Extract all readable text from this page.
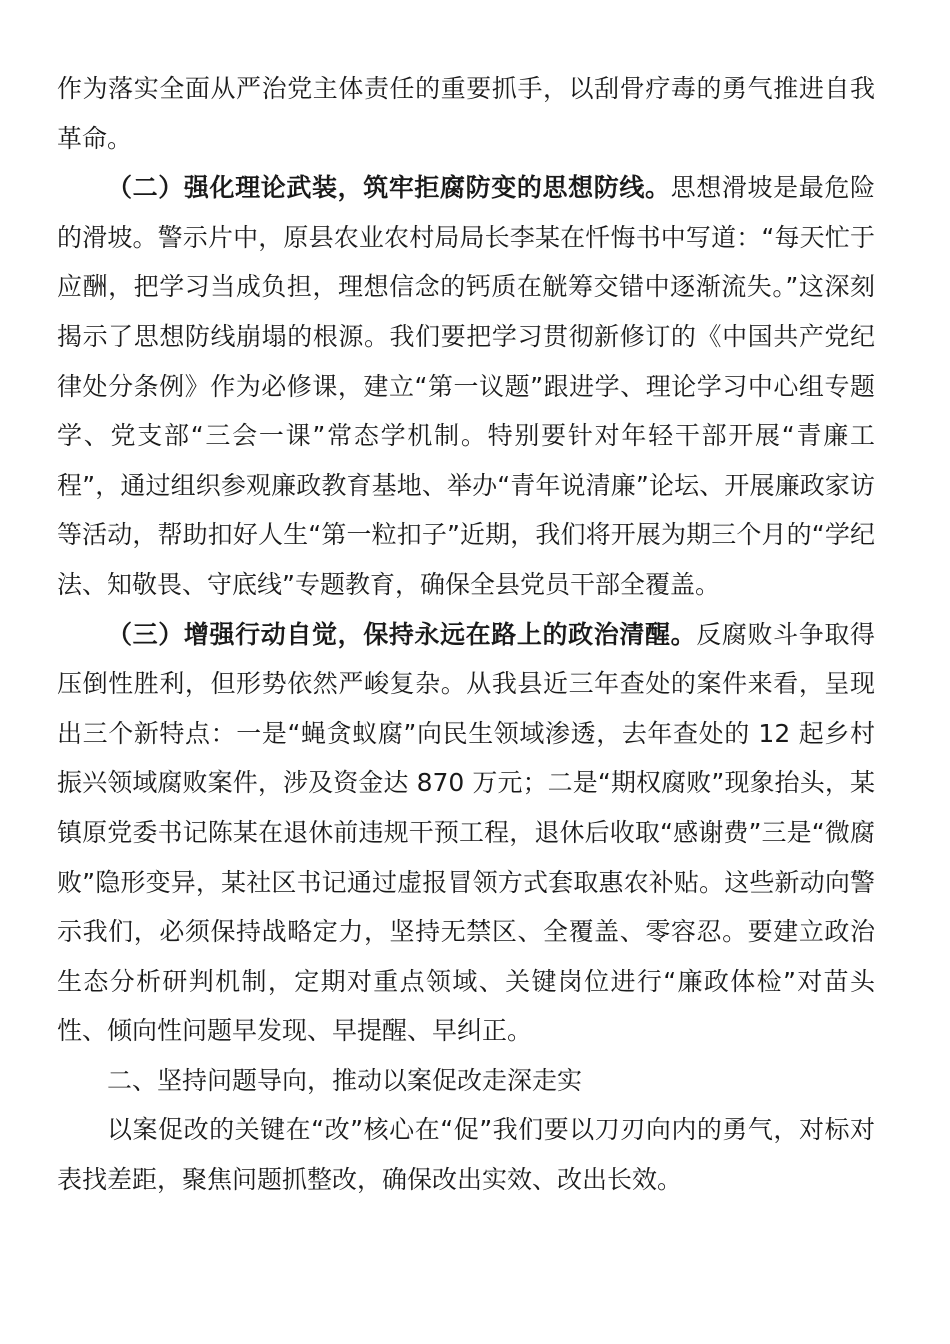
作为落实全面从严治党主体责任的重要抓手，以刮骨疗毒的勇气推进自我革命。

（二）强化理论武装，筑牢拒腐防变的思想防线。思想滑坡是最危险的滑坡。警示片中，原县农业农村局局长李某在忏悔书中写道：“每天忙于应酬，把学习当成负担，理想信念的钙质在觥筹交错中逐渐流失。”这深刻揭示了思想防线崩塌的根源。我们要把学习贯彻新修订的《中国共产党纪律处分条例》作为必修课，建立“第一议题”跟进学、理论学习中心组专题学、党支部“三会一课”常态学机制。特别要针对年轻干部开展“青廉工程”，通过组织参观廉政教育基地、举办“青年说清廉”论坛、开展廉政家访等活动，帮助扣好人生“第一粒扣子”近期，我们将开展为期三个月的“学纪法、知敬畏、守底线”专题教育，确保全县党员干部全覆盖。

（三）增强行动自觉，保持永远在路上的政治清醒。反腐败斗争取得压倒性胜利，但形势依然严峻复杂。从我县近三年查处的案件来看，呈现出三个新特点：一是“蝇贪蚁腐”向民生领域渗透，去年查处的 12 起乡村振兴领域腐败案件，涉及资金达 870 万元；二是“期权腐败”现象抬头，某镇原党委书记陈某在退休前违规干预工程，退休后收取“感谢费”三是“微腐败”隐形变异，某社区书记通过虚报冒领方式套取惠农补贴。这些新动向警示我们，必须保持战略定力，坚持无禁区、全覆盖、零容忍。要建立政治生态分析研判机制，定期对重点领域、关键岗位进行“廉政体检”对苗头性、倾向性问题早发现、早提醒、早纠正。

二、坚持问题导向，推动以案促改走深走实

以案促改的关键在“改”核心在“促”我们要以刀刃向内的勇气，对标对表找差距，聚焦问题抓整改，确保改出实效、改出长效。
